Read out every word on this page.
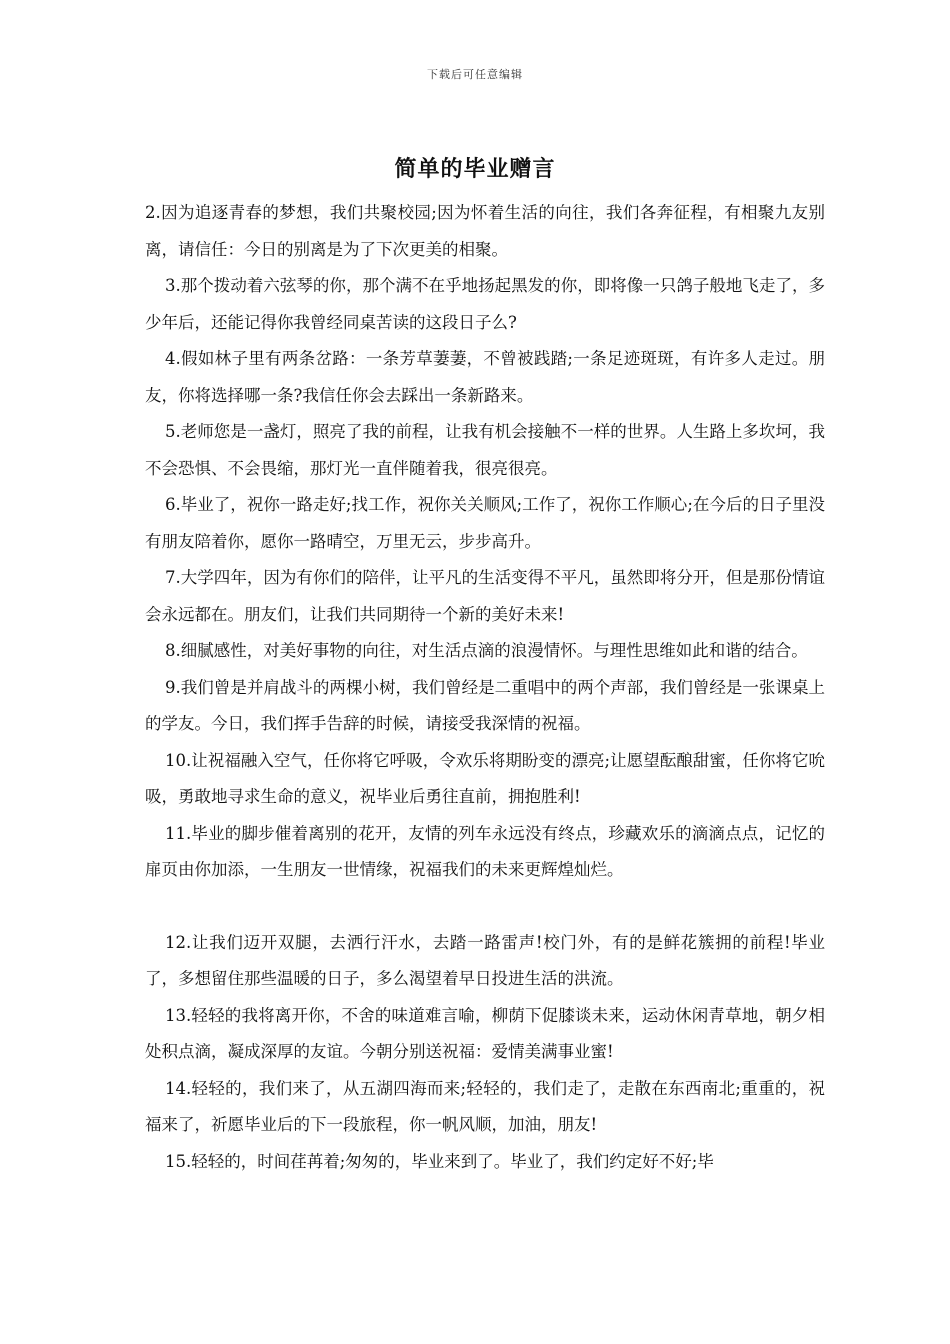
下载后可任意编辑
简单的毕业赠言

2.因为追逐青春的梦想，我们共聚校园;因为怀着生活的向往，我们各奔征程，有相聚九友别离，请信任：今日的别离是为了下次更美的相聚。

3.那个拨动着六弦琴的你，那个满不在乎地扬起黑发的你，即将像一只鸽子般地飞走了，多少年后，还能记得你我曾经同桌苦读的这段日子么?

4.假如林子里有两条岔路：一条芳草萋萋，不曾被践踏;一条足迹斑斑，有许多人走过。朋友，你将选择哪一条?我信任你会去踩出一条新路来。

5.老师您是一盏灯，照亮了我的前程，让我有机会接触不一样的世界。人生路上多坎坷，我不会恐惧、不会畏缩，那灯光一直伴随着我，很亮很亮。

6.毕业了，祝你一路走好;找工作，祝你关关顺风;工作了，祝你工作顺心;在今后的日子里没有朋友陪着你，愿你一路晴空，万里无云，步步高升。

7.大学四年，因为有你们的陪伴，让平凡的生活变得不平凡，虽然即将分开，但是那份情谊会永远都在。朋友们，让我们共同期待一个新的美好未来!

8.细腻感性，对美好事物的向往，对生活点滴的浪漫情怀。与理性思维如此和谐的结合。

9.我们曾是并肩战斗的两棵小树，我们曾经是二重唱中的两个声部，我们曾经是一张课桌上的学友。今日，我们挥手告辞的时候，请接受我深情的祝福。

10.让祝福融入空气，任你将它呼吸，令欢乐将期盼变的漂亮;让愿望酝酿甜蜜，任你将它吮吸，勇敢地寻求生命的意义，祝毕业后勇往直前，拥抱胜利!

11.毕业的脚步催着离别的花开，友情的列车永远没有终点，珍藏欢乐的滴滴点点，记忆的扉页由你加添，一生朋友一世情缘，祝福我们的未来更辉煌灿烂。

12.让我们迈开双腿，去洒行汗水，去踏一路雷声!校门外，有的是鲜花簇拥的前程!毕业了，多想留住那些温暖的日子，多么渴望着早日投进生活的洪流。

13.轻轻的我将离开你，不舍的味道难言喻，柳荫下促膝谈未来，运动休闲青草地，朝夕相处积点滴，凝成深厚的友谊。今朝分别送祝福：爱情美满事业蜜!

14.轻轻的，我们来了，从五湖四海而来;轻轻的，我们走了，走散在东西南北;重重的，祝福来了，祈愿毕业后的下一段旅程，你一帆风顺，加油，朋友!

15.轻轻的，时间荏苒着;匆匆的，毕业来到了。毕业了，我们约定好不好;毕
